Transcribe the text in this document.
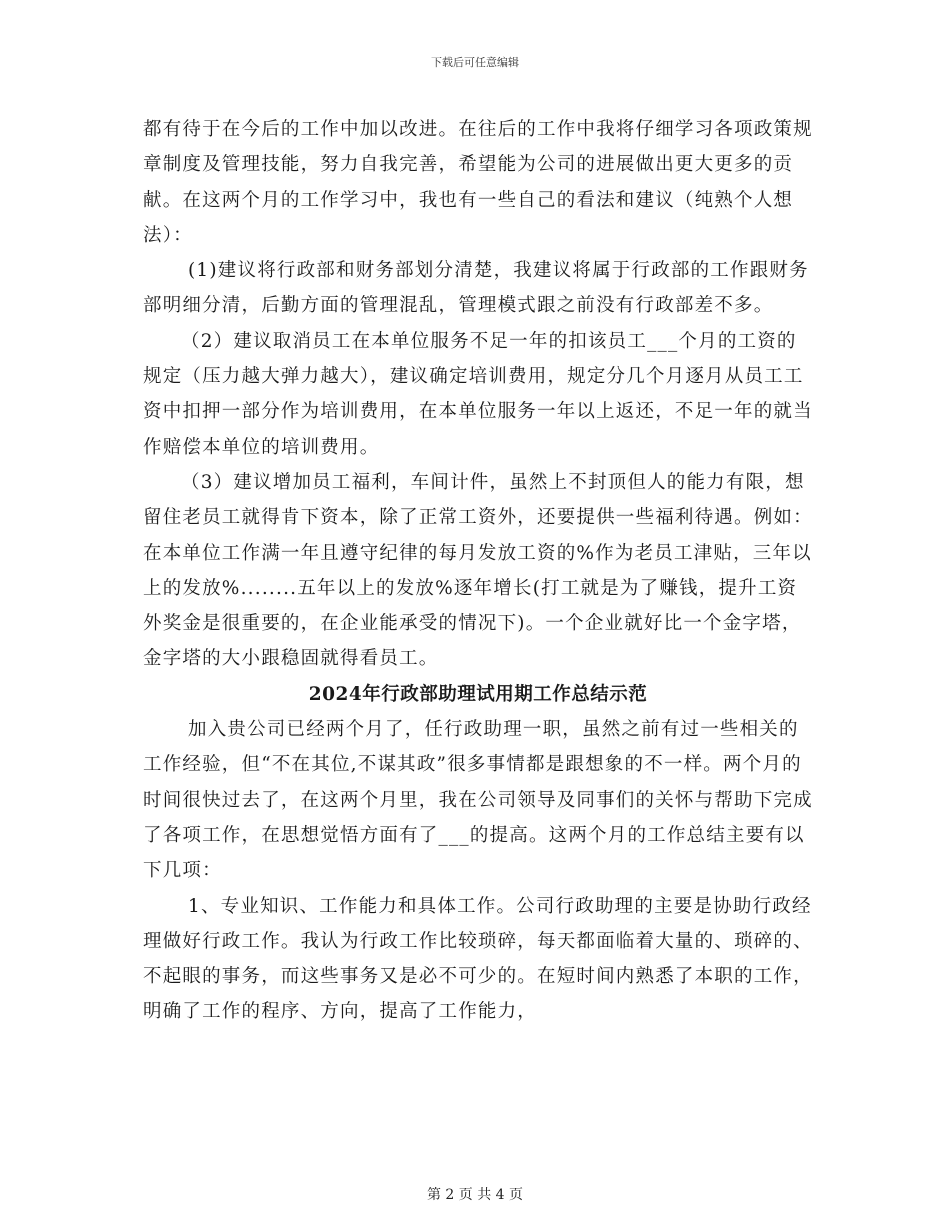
下载后可任意编辑

都有待于在今后的工作中加以改进。在往后的工作中我将仔细学习各项政策规章制度及管理技能，努力自我完善，希望能为公司的进展做出更大更多的贡献。在这两个月的工作学习中，我也有一些自己的看法和建议（纯熟个人想法）：

(1)建议将行政部和财务部划分清楚，我建议将属于行政部的工作跟财务部明细分清，后勤方面的管理混乱，管理模式跟之前没有行政部差不多。

（2）建议取消员工在本单位服务不足一年的扣该员工___个月的工资的规定（压力越大弹力越大），建议确定培训费用，规定分几个月逐月从员工工资中扣押一部分作为培训费用，在本单位服务一年以上返还，不足一年的就当作赔偿本单位的培训费用。

（3）建议增加员工福利，车间计件，虽然上不封顶但人的能力有限，想留住老员工就得肯下资本，除了正常工资外，还要提供一些福利待遇。例如：在本单位工作满一年且遵守纪律的每月发放工资的%作为老员工津贴，三年以上的发放%........五年以上的发放%逐年增长(打工就是为了赚钱，提升工资外奖金是很重要的，在企业能承受的情况下)。一个企业就好比一个金字塔，金字塔的大小跟稳固就得看员工。

2024年行政部助理试用期工作总结示范

加入贵公司已经两个月了，任行政助理一职，虽然之前有过一些相关的工作经验，但“不在其位,不谋其政”很多事情都是跟想象的不一样。两个月的时间很快过去了，在这两个月里，我在公司领导及同事们的关怀与帮助下完成了各项工作，在思想觉悟方面有了___的提高。这两个月的工作总结主要有以下几项：

1、专业知识、工作能力和具体工作。公司行政助理的主要是协助行政经理做好行政工作。我认为行政工作比较琐碎，每天都面临着大量的、琐碎的、不起眼的事务，而这些事务又是必不可少的。在短时间内熟悉了本职的工作，明确了工作的程序、方向，提高了工作能力，

第 2 页 共 4 页
